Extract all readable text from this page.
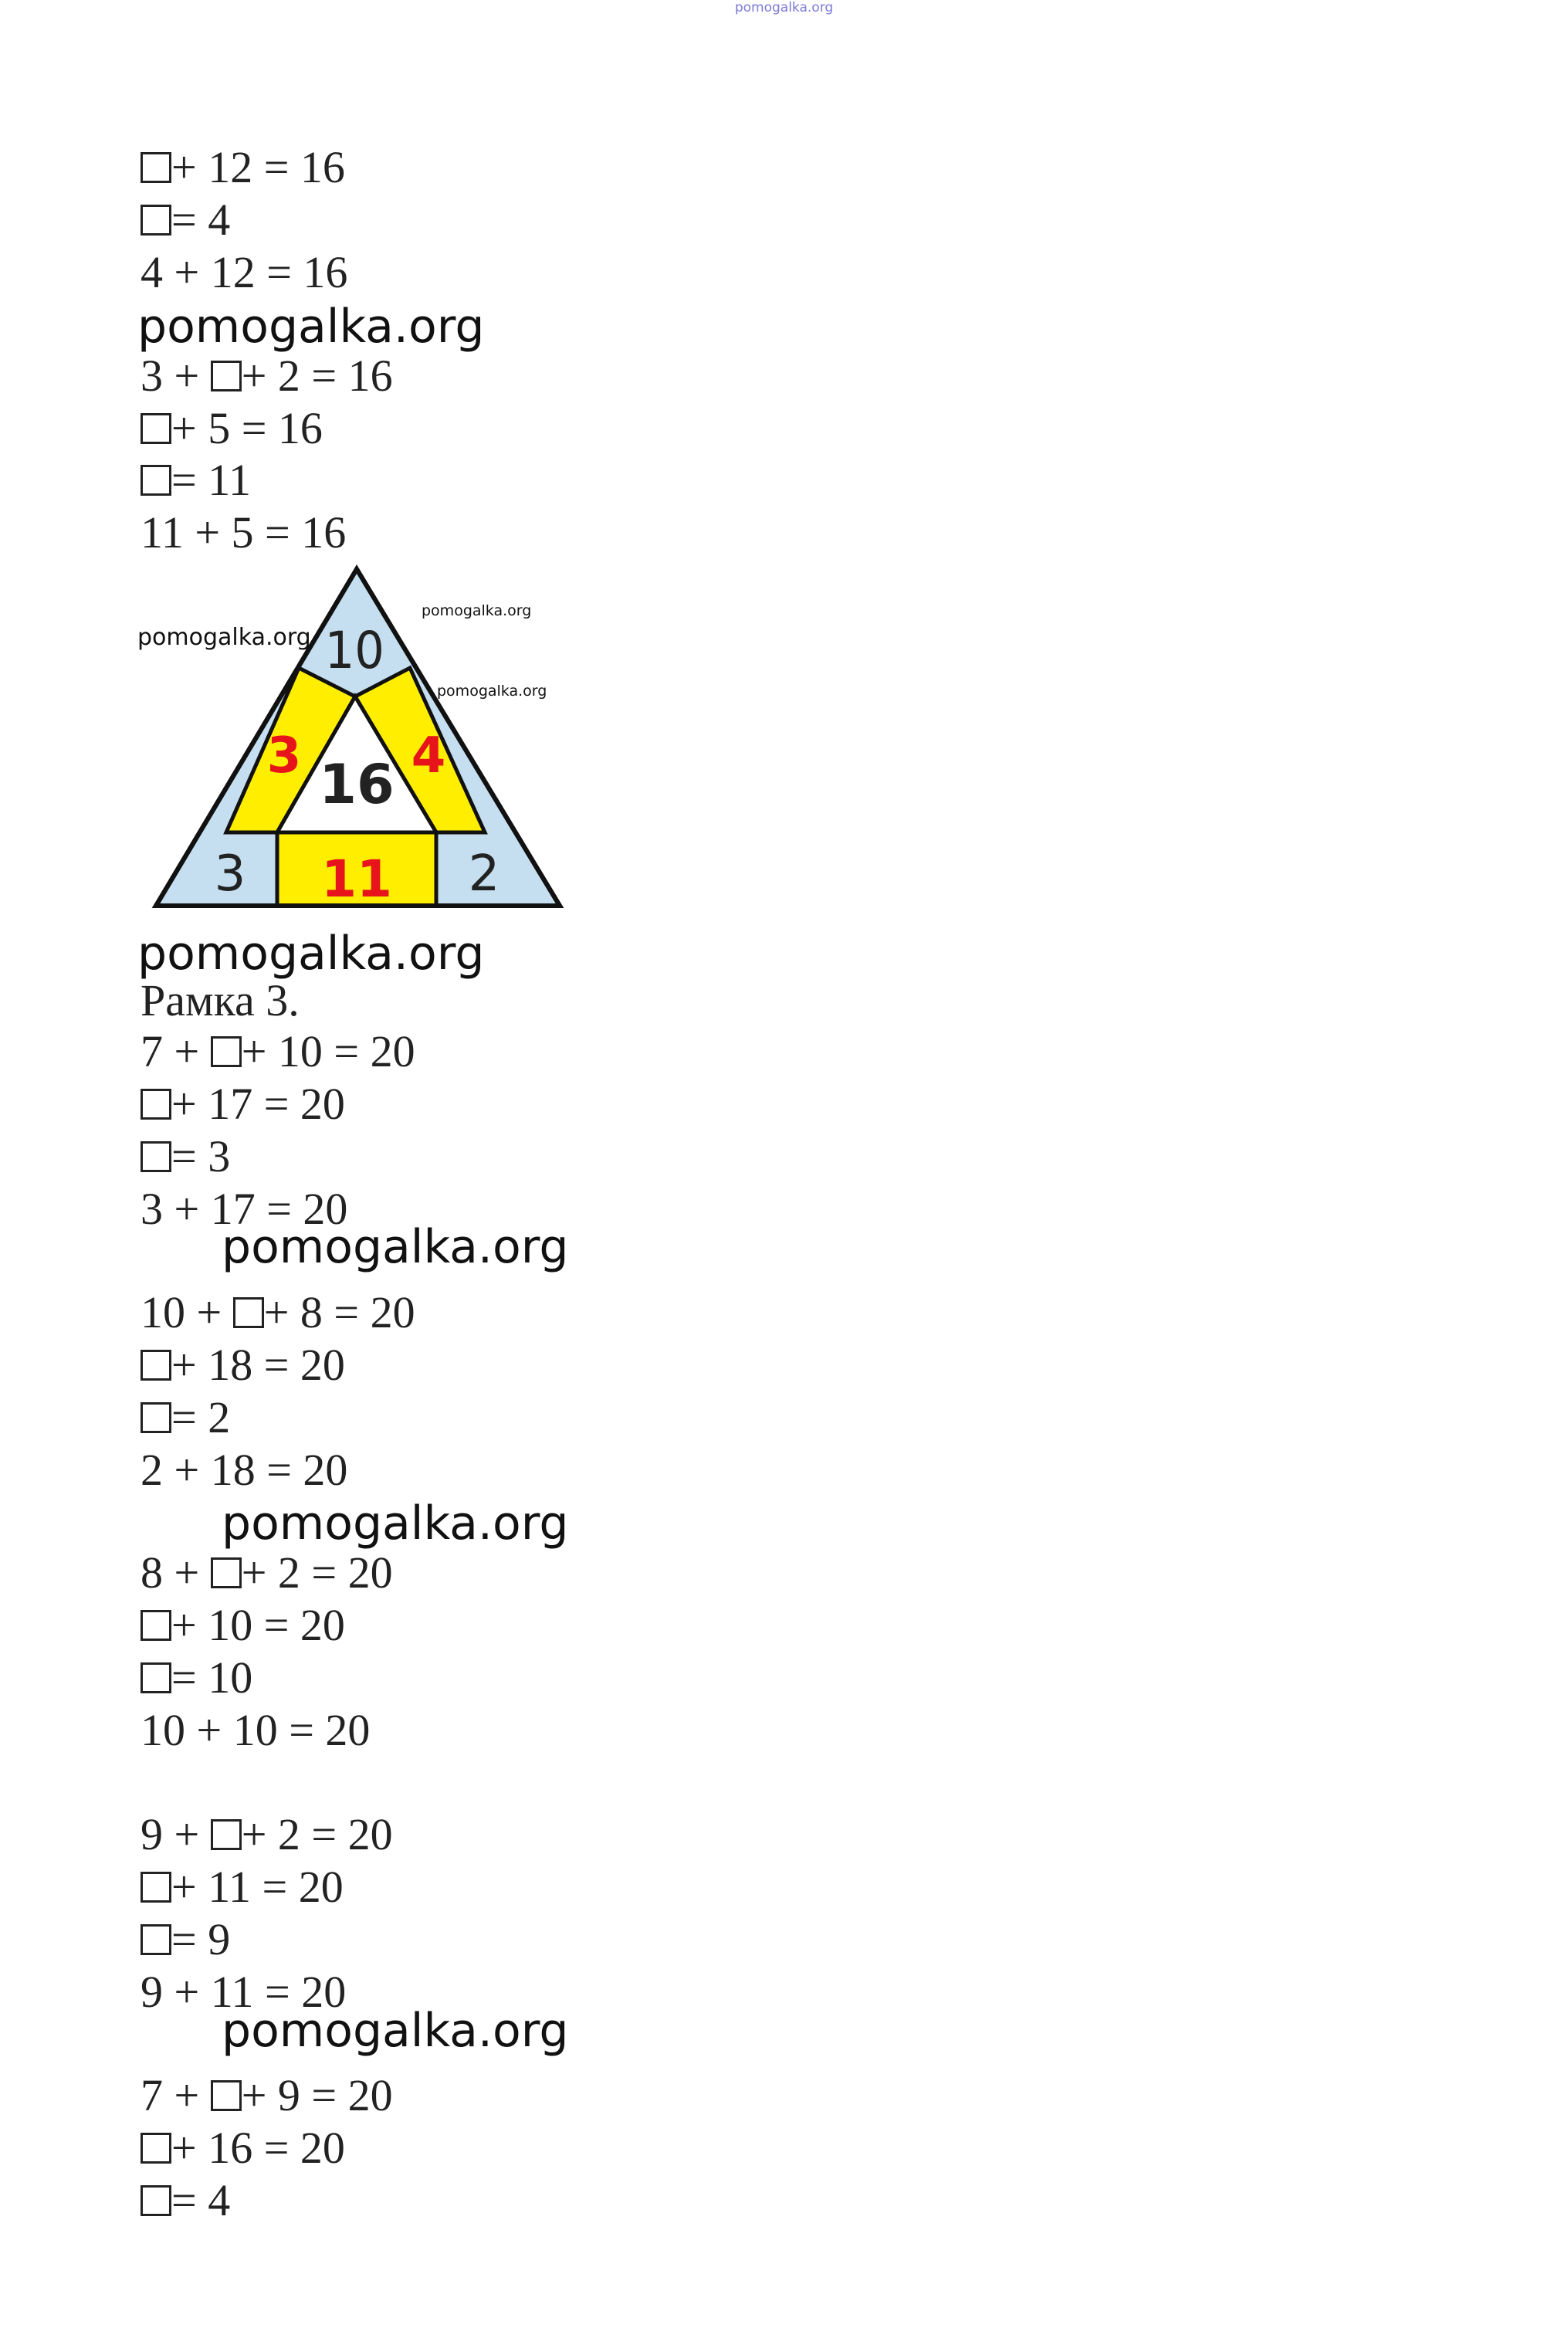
pomogalka.org
+ 12 = 16
= 4
4 + 12 = 16
pomogalka.org
3 + + 2 = 16
+ 5 = 16
= 11
11 + 5 = 16
pomogalka.org
Рамка 3.
7 + + 10 = 20
+ 17 = 20
= 3
3 + 17 = 20
pomogalka.org
10 + + 8 = 20
+ 18 = 20
= 2
2 + 18 = 20
pomogalka.org
8 + + 2 = 20
+ 10 = 20
= 10
10 + 10 = 20
9 + + 2 = 20
+ 11 = 20
= 9
9 + 11 = 20
pomogalka.org
7 + + 9 = 20
+ 16 = 20
= 4
10
16
3 4
3 11 2
pomogalka.org
pomogalka.org
pomogalka.org
